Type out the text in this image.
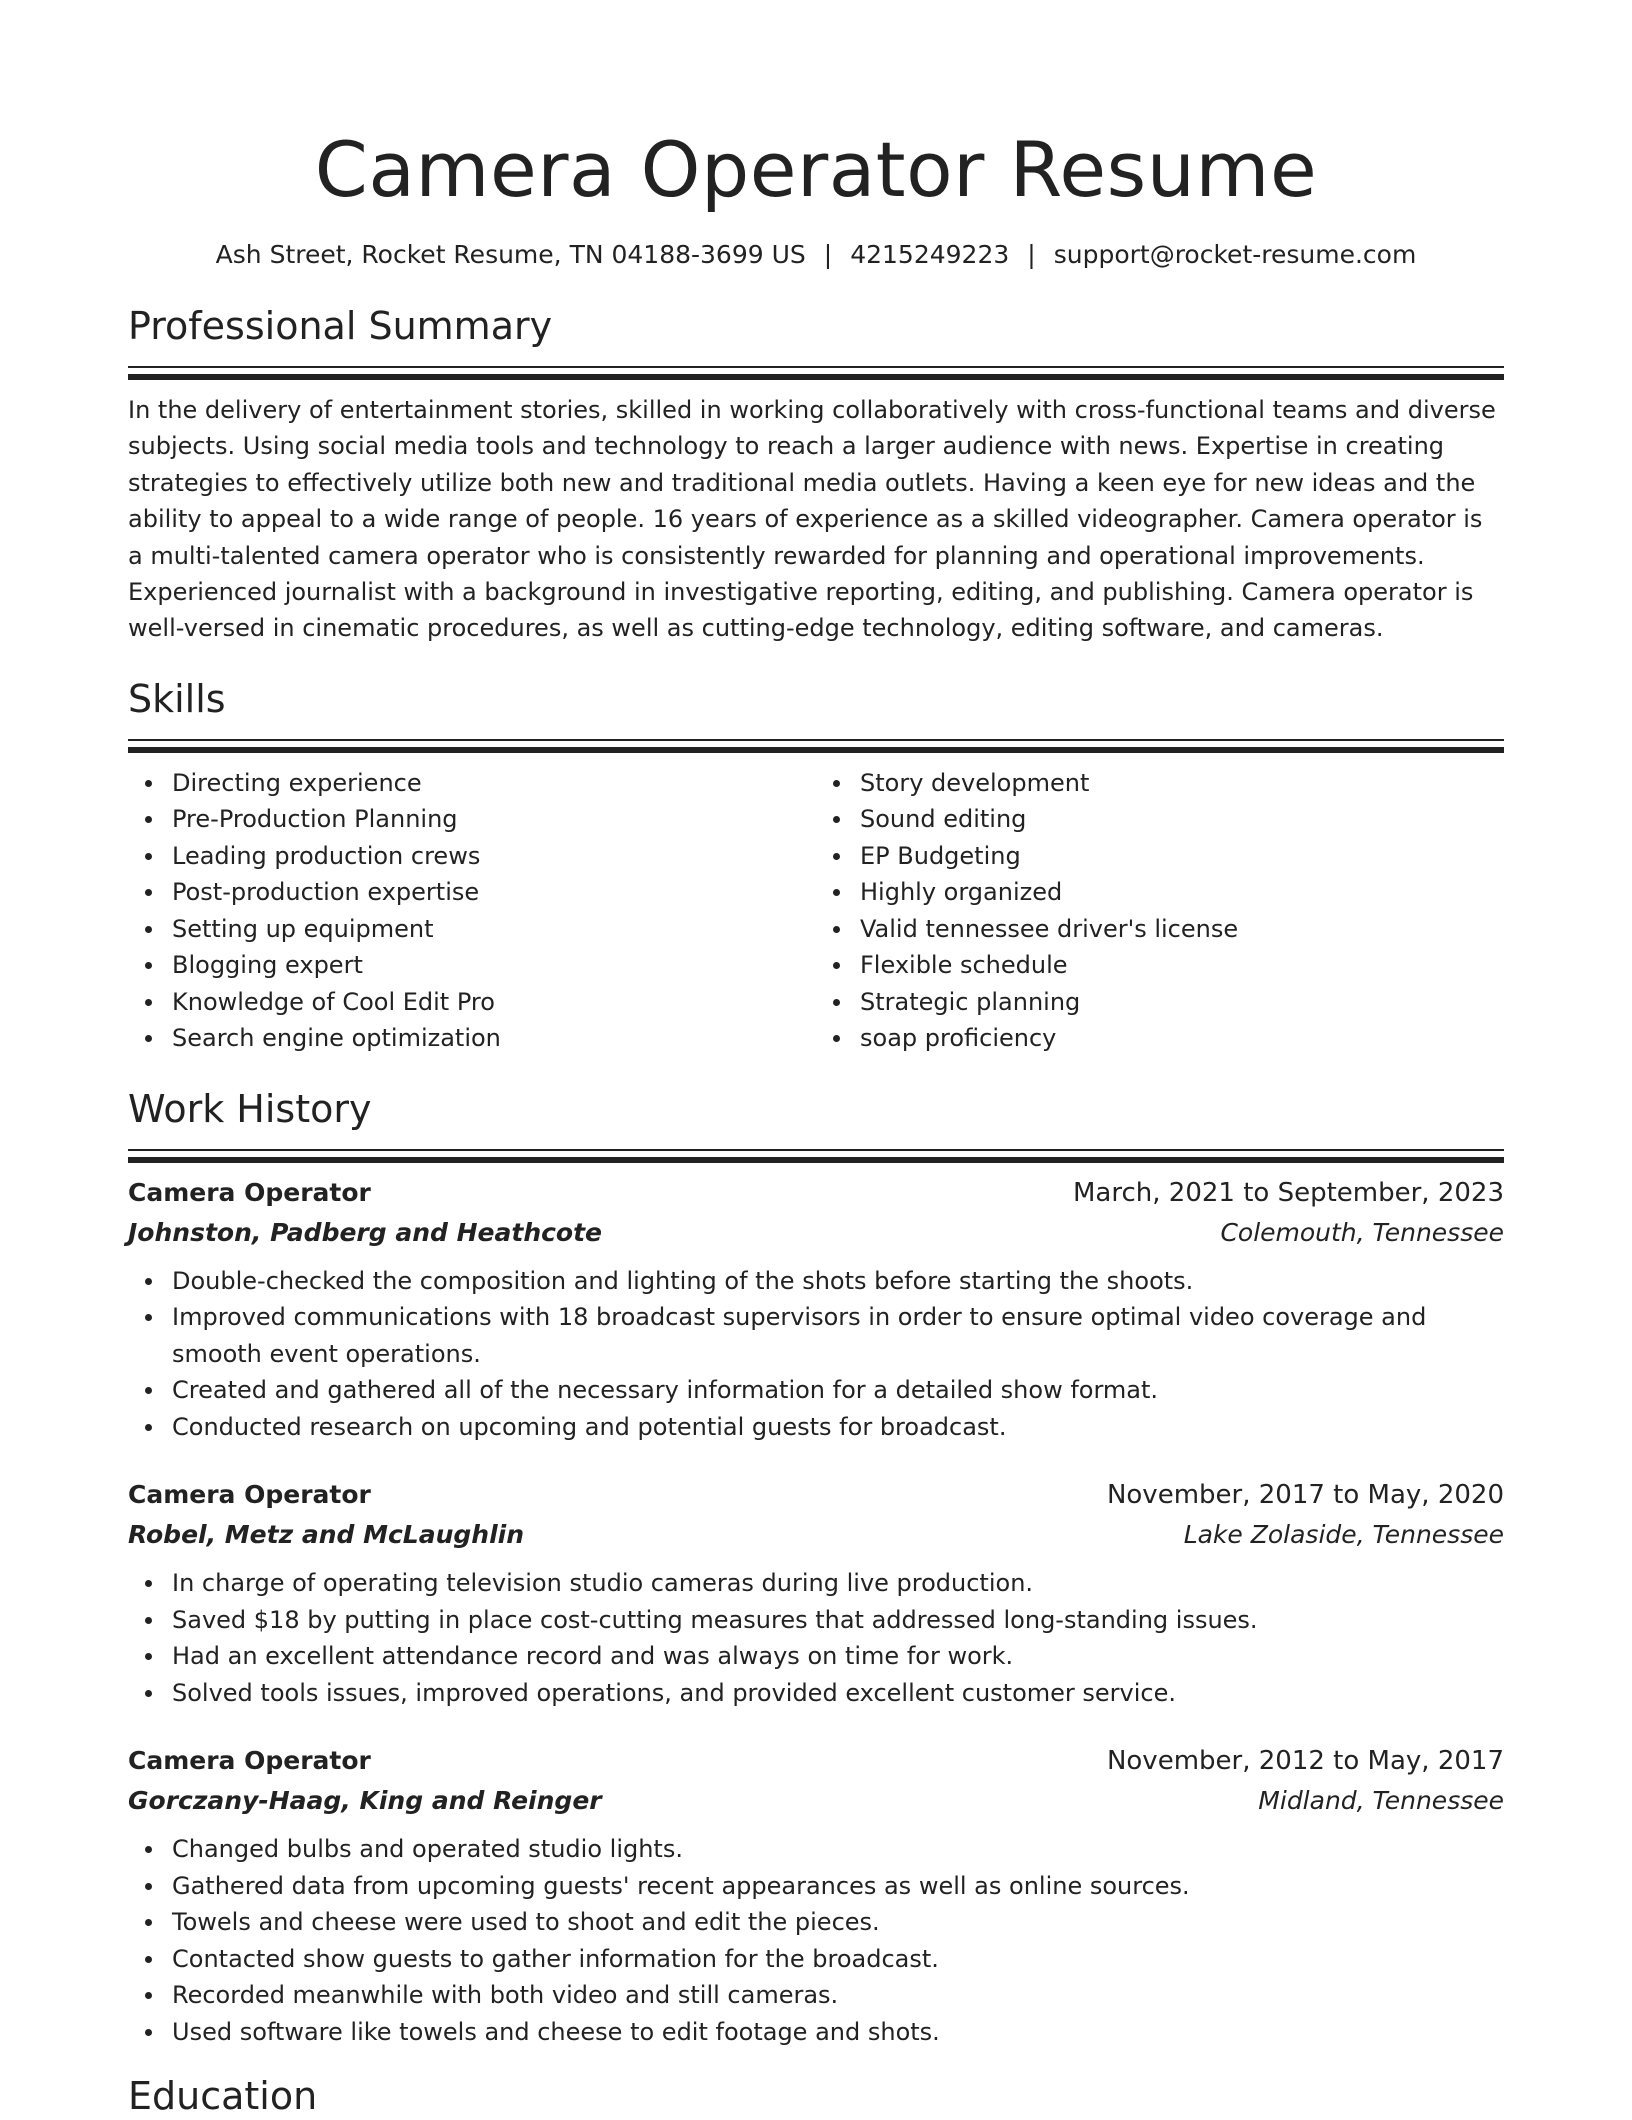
Camera Operator Resume
Ash Street, Rocket Resume, TN 04188-3699 US | 4215249223 | support@rocket-resume.com
Professional Summary

In the delivery of entertainment stories, skilled in working collaboratively with cross-functional teams and diverse subjects. Using social media tools and technology to reach a larger audience with news. Expertise in creating strategies to effectively utilize both new and traditional media outlets. Having a keen eye for new ideas and the ability to appeal to a wide range of people. 16 years of experience as a skilled videographer. Camera operator is a multi-talented camera operator who is consistently rewarded for planning and operational improvements. Experienced journalist with a background in investigative reporting, editing, and publishing. Camera operator is well-versed in cinematic procedures, as well as cutting-edge technology, editing software, and cameras.

Skills
Directing experience
Pre-Production Planning
Leading production crews
Post-production expertise
Setting up equipment
Blogging expert
Knowledge of Cool Edit Pro
Search engine optimization
Story development
Sound editing
EP Budgeting
Highly organized
Valid tennessee driver's license
Flexible schedule
Strategic planning
soap proficiency
Work History
Camera Operator	March, 2021 to September, 2023
Johnston, Padberg and Heathcote	Colemouth, Tennessee
Double-checked the composition and lighting of the shots before starting the shoots.
Improved communications with 18 broadcast supervisors in order to ensure optimal video coverage and smooth event operations.
Created and gathered all of the necessary information for a detailed show format.
Conducted research on upcoming and potential guests for broadcast.
Camera Operator	November, 2017 to May, 2020
Robel, Metz and McLaughlin	Lake Zolaside, Tennessee
In charge of operating television studio cameras during live production.
Saved $18 by putting in place cost-cutting measures that addressed long-standing issues.
Had an excellent attendance record and was always on time for work.
Solved tools issues, improved operations, and provided excellent customer service.
Camera Operator	November, 2012 to May, 2017
Gorczany-Haag, King and Reinger	Midland, Tennessee
Changed bulbs and operated studio lights.
Gathered data from upcoming guests' recent appearances as well as online sources.
Towels and cheese were used to shoot and edit the pieces.
Contacted show guests to gather information for the broadcast.
Recorded meanwhile with both video and still cameras.
Used software like towels and cheese to edit footage and shots.
Education
